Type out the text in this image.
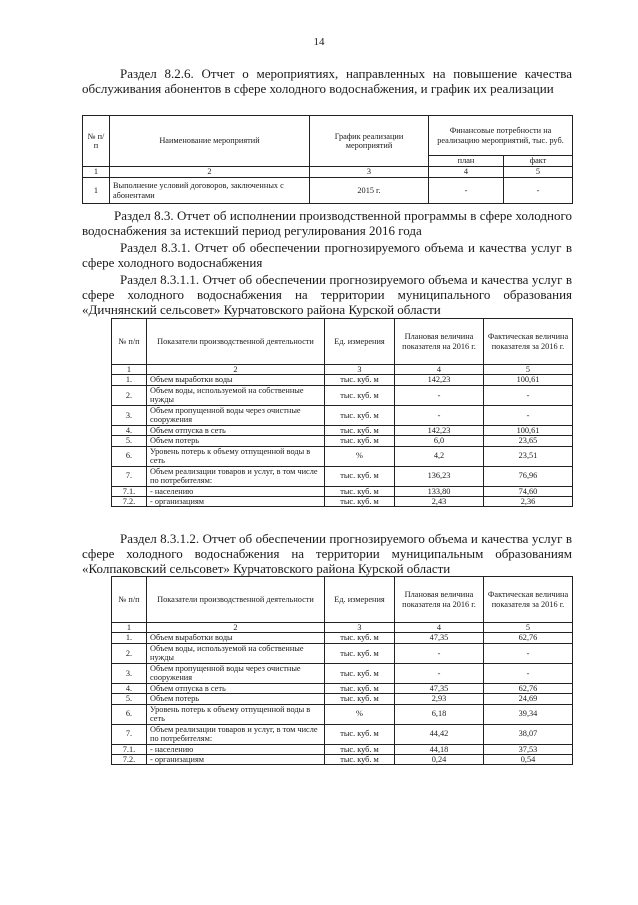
14
Раздел 8.2.6. Отчет о мероприятиях, направленных на повышение качества обслуживания абонентов в сфере холодного водоснабжения, и график их реализации
№ п/п	Наименование мероприятий	График реализации мероприятий	Финансовые потребности на реализацию мероприятий, тыс. руб.	
			план	факт
1	2	3	4	5
1	Выполнение условий договоров, заключенных с абонентами	2015 г.	-	-
Раздел 8.3. Отчет об исполнении производственной программы в сфере холодного водоснабжения за истекший период регулирования 2016 года
Раздел 8.3.1. Отчет об обеспечении прогнозируемого объема и качества услуг в сфере холодного водоснабжения
Раздел 8.3.1.1. Отчет об обеспечении прогнозируемого объема и качества услуг в сфере холодного водоснабжения на территории муниципального образования «Дичнянский сельсовет» Курчатовского района Курской области
№ п/п	Показатели производственной деятельности	Ед. измерения	Плановая величина показателя на 2016 г.	Фактическая величина показателя за 2016 г.
1	2	3	4	5
1.	Объем выработки воды	тыс. куб. м	142,23	100,61
2.	Объем воды, используемой на собственные нужды	тыс. куб. м	-	-
3.	Объем пропущенной воды через очистные сооружения	тыс. куб. м	-	-
4.	Объем отпуска в сеть	тыс. куб. м	142,23	100,61
5.	Объем потерь	тыс. куб. м	6,0	23,65
6.	Уровень потерь к объему отпущенной воды в сеть	%	4,2	23,51
7.	Объем реализации товаров и услуг, в том числе по потребителям:	тыс. куб. м	136,23	76,96
7.1.	- населению	тыс. куб. м	133,80	74,60
7.2.	- организациям	тыс. куб. м	2,43	2,36
Раздел 8.3.1.2. Отчет об обеспечении прогнозируемого объема и качества услуг в сфере холодного водоснабжения на территории муниципальным образованиям «Колпаковский сельсовет» Курчатовского района Курской области
№ п/п	Показатели производственной деятельности	Ед. измерения	Плановая величина показателя на 2016 г.	Фактическая величина показателя за 2016 г.
1	2	3	4	5
1.	Объем выработки воды	тыс. куб. м	47,35	62,76
2.	Объем воды, используемой на собственные нужды	тыс. куб. м	-	-
3.	Объем пропущенной воды через очистные сооружения	тыс. куб. м	-	-
4.	Объем отпуска в сеть	тыс. куб. м	47,35	62,76
5.	Объем потерь	тыс. куб. м	2,93	24,69
6.	Уровень потерь к объему отпущенной воды в сеть	%	6,18	39,34
7.	Объем реализации товаров и услуг, в том числе по потребителям:	тыс. куб. м	44,42	38,07
7.1.	- населению	тыс. куб. м	44,18	37,53
7.2.	- организациям	тыс. куб. м	0,24	0,54
